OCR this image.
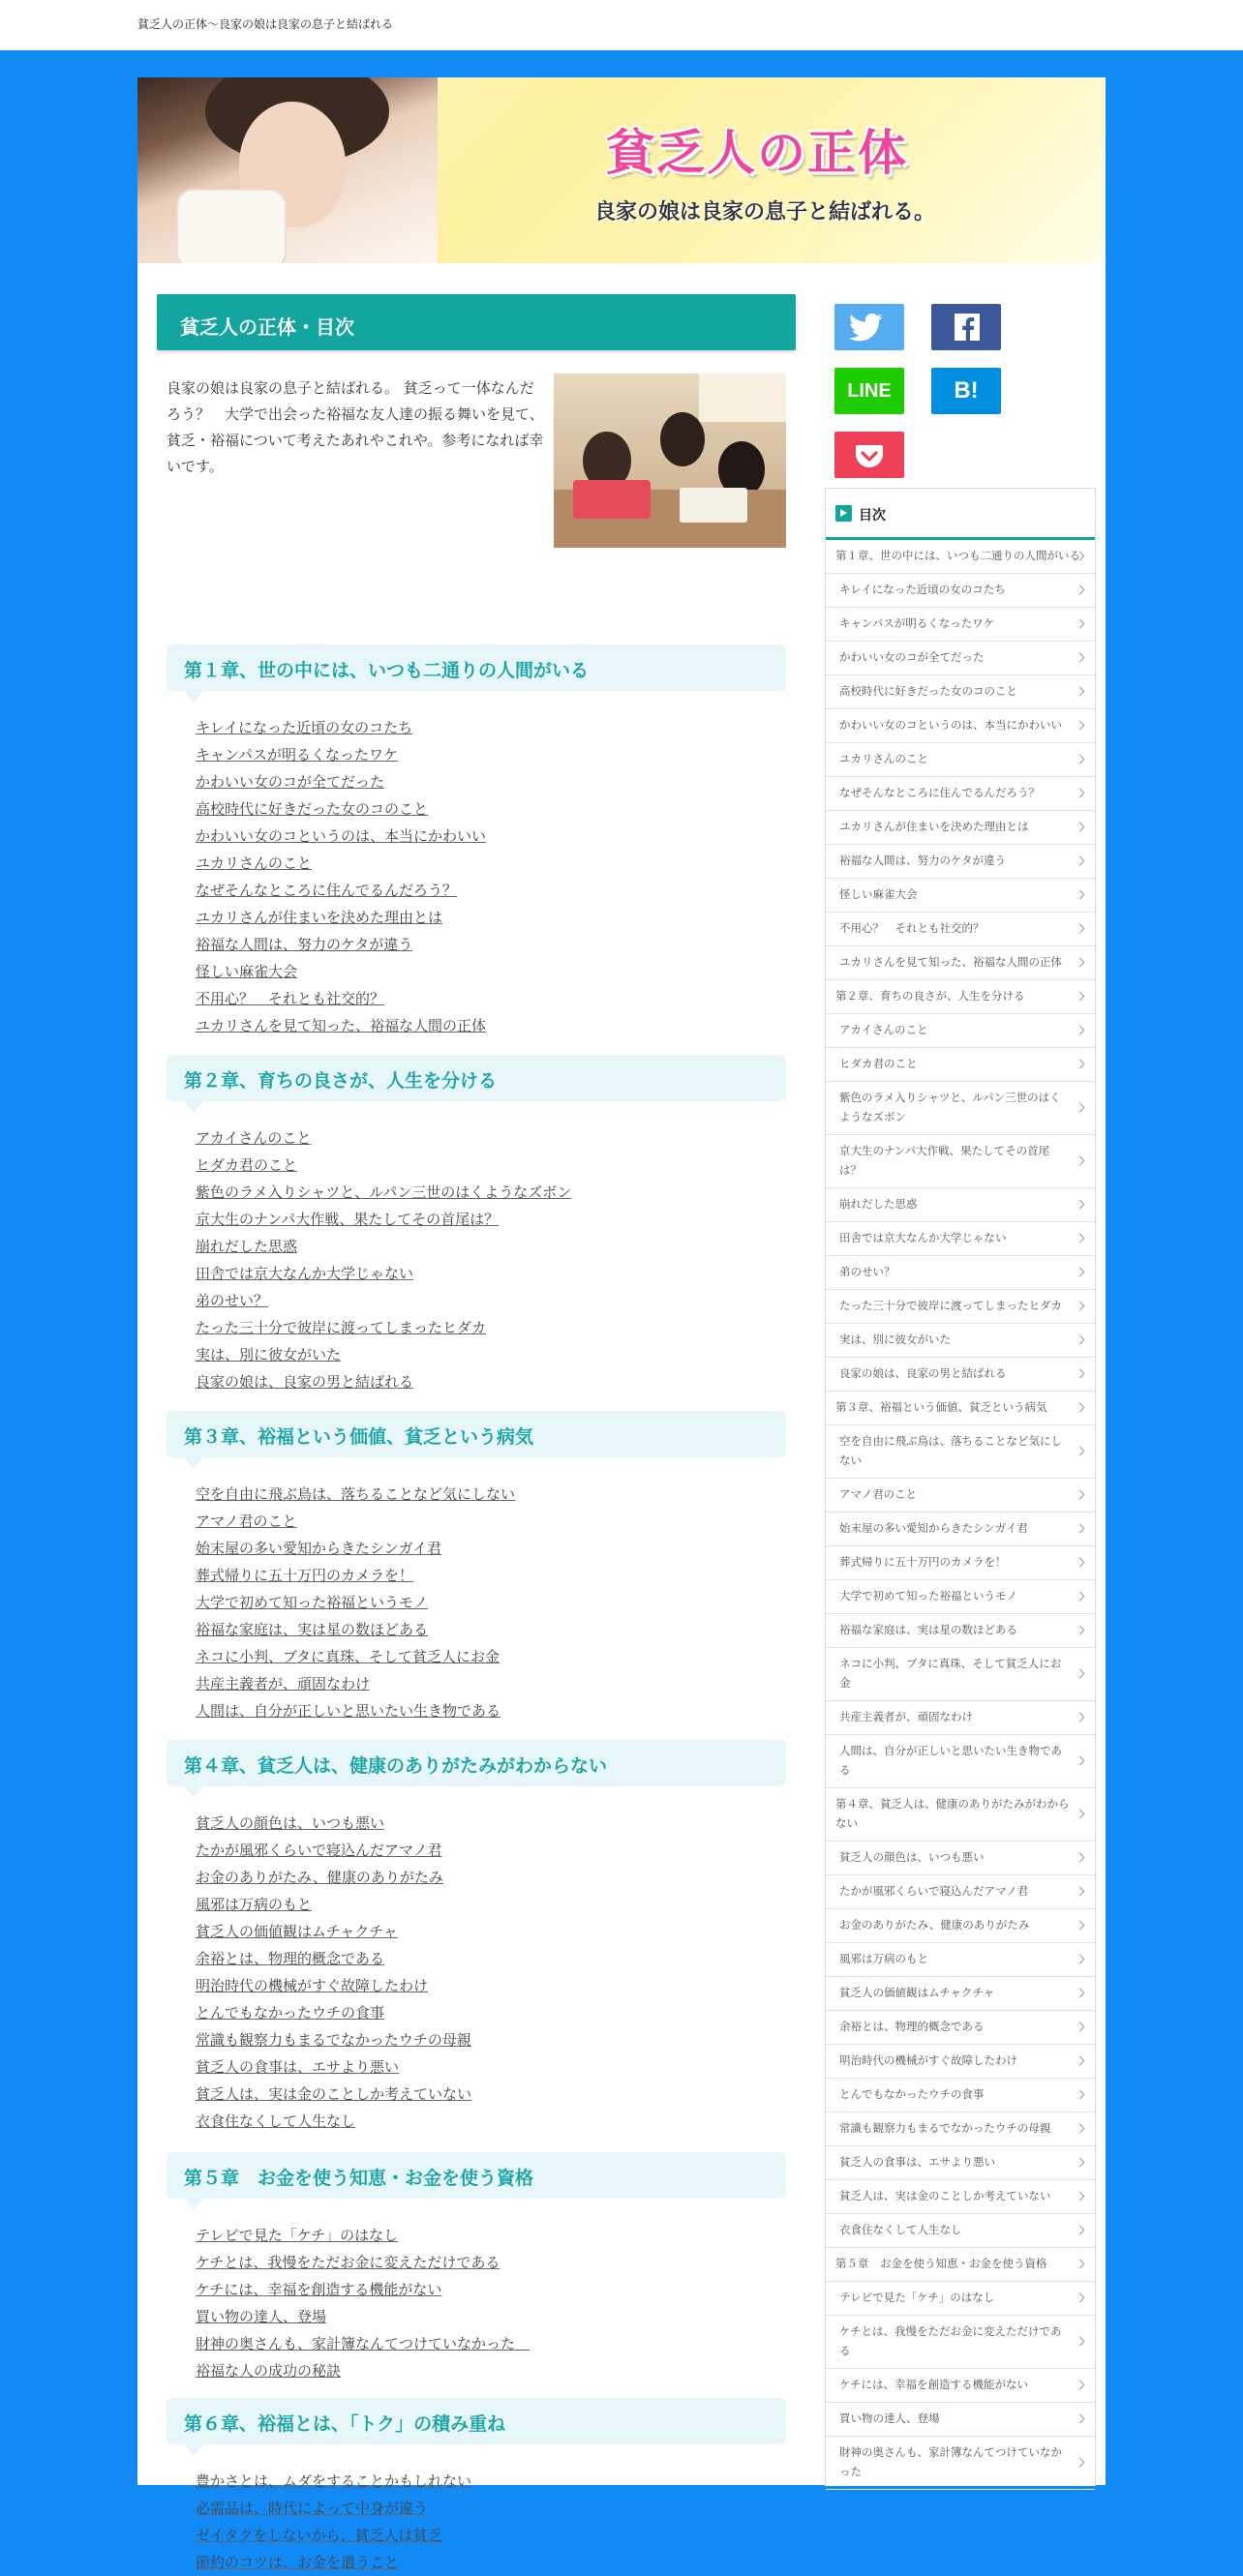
貧乏人の正体～良家の娘は良家の息子と結ばれる
貧乏人の正体
良家の娘は良家の息子と結ばれる。
貧乏人の正体・目次
良家の娘は良家の息子と結ばれる。 貧乏って一体なんだろう？　大学で出会った裕福な友人達の振る舞いを見て、貧乏・裕福について考えたあれやこれや。参考になれば幸いです。
第１章、世の中には、いつも二通りの人間がいる
キレイになった近頃の女のコたち
キャンパスが明るくなったワケ
かわいい女のコが全てだった
高校時代に好きだった女のコのこと
かわいい女のコというのは、本当にかわいい
ユカリさんのこと
なぜそんなところに住んでるんだろう？
ユカリさんが住まいを決めた理由とは
裕福な人間は、努力のケタが違う
怪しい麻雀大会
不用心？　それとも社交的？
ユカリさんを見て知った、裕福な人間の正体
第２章、育ちの良さが、人生を分ける
アカイさんのこと
ヒダカ君のこと
紫色のラメ入りシャツと、ルパン三世のはくようなズボン
京大生のナンパ大作戦、果たしてその首尾は？
崩れだした思惑
田舎では京大なんか大学じゃない
弟のせい？
たった三十分で彼岸に渡ってしまったヒダカ
実は、別に彼女がいた
良家の娘は、良家の男と結ばれる
第３章、裕福という価値、貧乏という病気
空を自由に飛ぶ鳥は、落ちることなど気にしない
アマノ君のこと
始末屋の多い愛知からきたシンガイ君
葬式帰りに五十万円のカメラを！
大学で初めて知った裕福というモノ
裕福な家庭は、実は星の数ほどある
ネコに小判、ブタに真珠、そして貧乏人にお金
共産主義者が、頑固なわけ
人間は、自分が正しいと思いたい生き物である
第４章、貧乏人は、健康のありがたみがわからない
貧乏人の顔色は、いつも悪い
たかが風邪くらいで寝込んだアマノ君
お金のありがたみ、健康のありがたみ
風邪は万病のもと
貧乏人の価値観はムチャクチャ
余裕とは、物理的概念である
明治時代の機械がすぐ故障したわけ
とんでもなかったウチの食事
常識も観察力もまるでなかったウチの母親
貧乏人の食事は、エサより悪い
貧乏人は、実は金のことしか考えていない
衣食住なくして人生なし
第５章　お金を使う知恵・お金を使う資格
テレビで見た「ケチ」のはなし
ケチとは、我慢をただお金に変えただけである
ケチには、幸福を創造する機能がない
買い物の達人、登場
財神の奥さんも、家計簿なんてつけていなかった　
裕福な人の成功の秘訣
第６章、裕福とは、「トク」の積み重ね
豊かさとは、ムダをすることかもしれない
必需品は、時代によって中身が違う
ゼイタクをしないから、貧乏人は貧乏
節約のコツは、お金を遣うこと
LINE	B!
目次
第１章、世の中には、いつも二通りの人間がいる
キレイになった近頃の女のコたち
キャンパスが明るくなったワケ
かわいい女のコが全てだった
高校時代に好きだった女のコのこと
かわいい女のコというのは、本当にかわいい
ユカリさんのこと
なぜそんなところに住んでるんだろう？
ユカリさんが住まいを決めた理由とは
裕福な人間は、努力のケタが違う
怪しい麻雀大会
不用心？　それとも社交的？
ユカリさんを見て知った、裕福な人間の正体
第２章、育ちの良さが、人生を分ける
アカイさんのこと
ヒダカ君のこと
紫色のラメ入りシャツと、ルパン三世のはくようなズボン
京大生のナンパ大作戦、果たしてその首尾は？
崩れだした思惑
田舎では京大なんか大学じゃない
弟のせい？
たった三十分で彼岸に渡ってしまったヒダカ
実は、別に彼女がいた
良家の娘は、良家の男と結ばれる
第３章、裕福という価値、貧乏という病気
空を自由に飛ぶ鳥は、落ちることなど気にしない
アマノ君のこと
始末屋の多い愛知からきたシンガイ君
葬式帰りに五十万円のカメラを！
大学で初めて知った裕福というモノ
裕福な家庭は、実は星の数ほどある
ネコに小判、ブタに真珠、そして貧乏人にお金
共産主義者が、頑固なわけ
人間は、自分が正しいと思いたい生き物である
第４章、貧乏人は、健康のありがたみがわからない
貧乏人の顔色は、いつも悪い
たかが風邪くらいで寝込んだアマノ君
お金のありがたみ、健康のありがたみ
風邪は万病のもと
貧乏人の価値観はムチャクチャ
余裕とは、物理的概念である
明治時代の機械がすぐ故障したわけ
とんでもなかったウチの食事
常識も観察力もまるでなかったウチの母親
貧乏人の食事は、エサより悪い
貧乏人は、実は金のことしか考えていない
衣食住なくして人生なし
第５章　お金を使う知恵・お金を使う資格
テレビで見た「ケチ」のはなし
ケチとは、我慢をただお金に変えただけである
ケチには、幸福を創造する機能がない
買い物の達人、登場
財神の奥さんも、家計簿なんてつけていなかった
